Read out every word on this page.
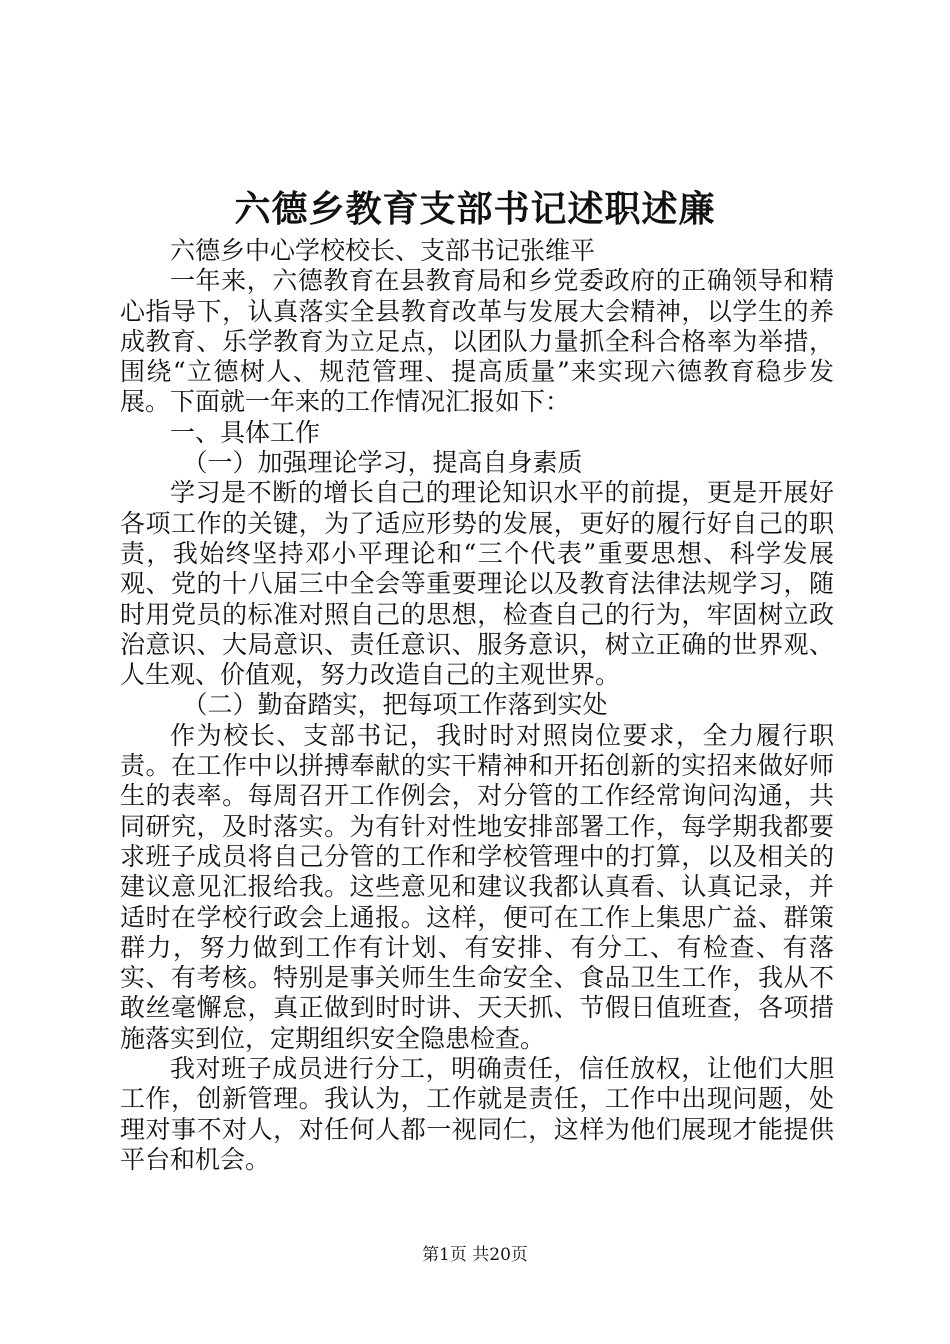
六德乡教育支部书记述职述廉

六德乡中心学校校长、支部书记张维平

一年来，六德教育在县教育局和乡党委政府的正确领导和精心指导下，认真落实全县教育改革与发展大会精神，以学生的养成教育、乐学教育为立足点，以团队力量抓全科合格率为举措，围绕“立德树人、规范管理、提高质量”来实现六德教育稳步发展。下面就一年来的工作情况汇报如下：

一、具体工作

（一）加强理论学习，提高自身素质

学习是不断的增长自己的理论知识水平的前提，更是开展好各项工作的关键，为了适应形势的发展，更好的履行好自己的职责，我始终坚持邓小平理论和“三个代表”重要思想、科学发展观、党的十八届三中全会等重要理论以及教育法律法规学习，随时用党员的标准对照自己的思想，检查自己的行为，牢固树立政治意识、大局意识、责任意识、服务意识，树立正确的世界观、人生观、价值观，努力改造自己的主观世界。

（二）勤奋踏实，把每项工作落到实处

作为校长、支部书记，我时时对照岗位要求，全力履行职责。在工作中以拼搏奉献的实干精神和开拓创新的实招来做好师生的表率。每周召开工作例会，对分管的工作经常询问沟通，共同研究，及时落实。为有针对性地安排部署工作，每学期我都要求班子成员将自己分管的工作和学校管理中的打算，以及相关的建议意见汇报给我。这些意见和建议我都认真看、认真记录，并适时在学校行政会上通报。这样，便可在工作上集思广益、群策群力，努力做到工作有计划、有安排、有分工、有检查、有落实、有考核。特别是事关师生生命安全、食品卫生工作，我从不敢丝毫懈怠，真正做到时时讲、天天抓、节假日值班查，各项措施落实到位，定期组织安全隐患检查。

我对班子成员进行分工，明确责任，信任放权，让他们大胆工作，创新管理。我认为，工作就是责任，工作中出现问题，处理对事不对人，对任何人都一视同仁，这样为他们展现才能提供平台和机会。

第1页 共20页
